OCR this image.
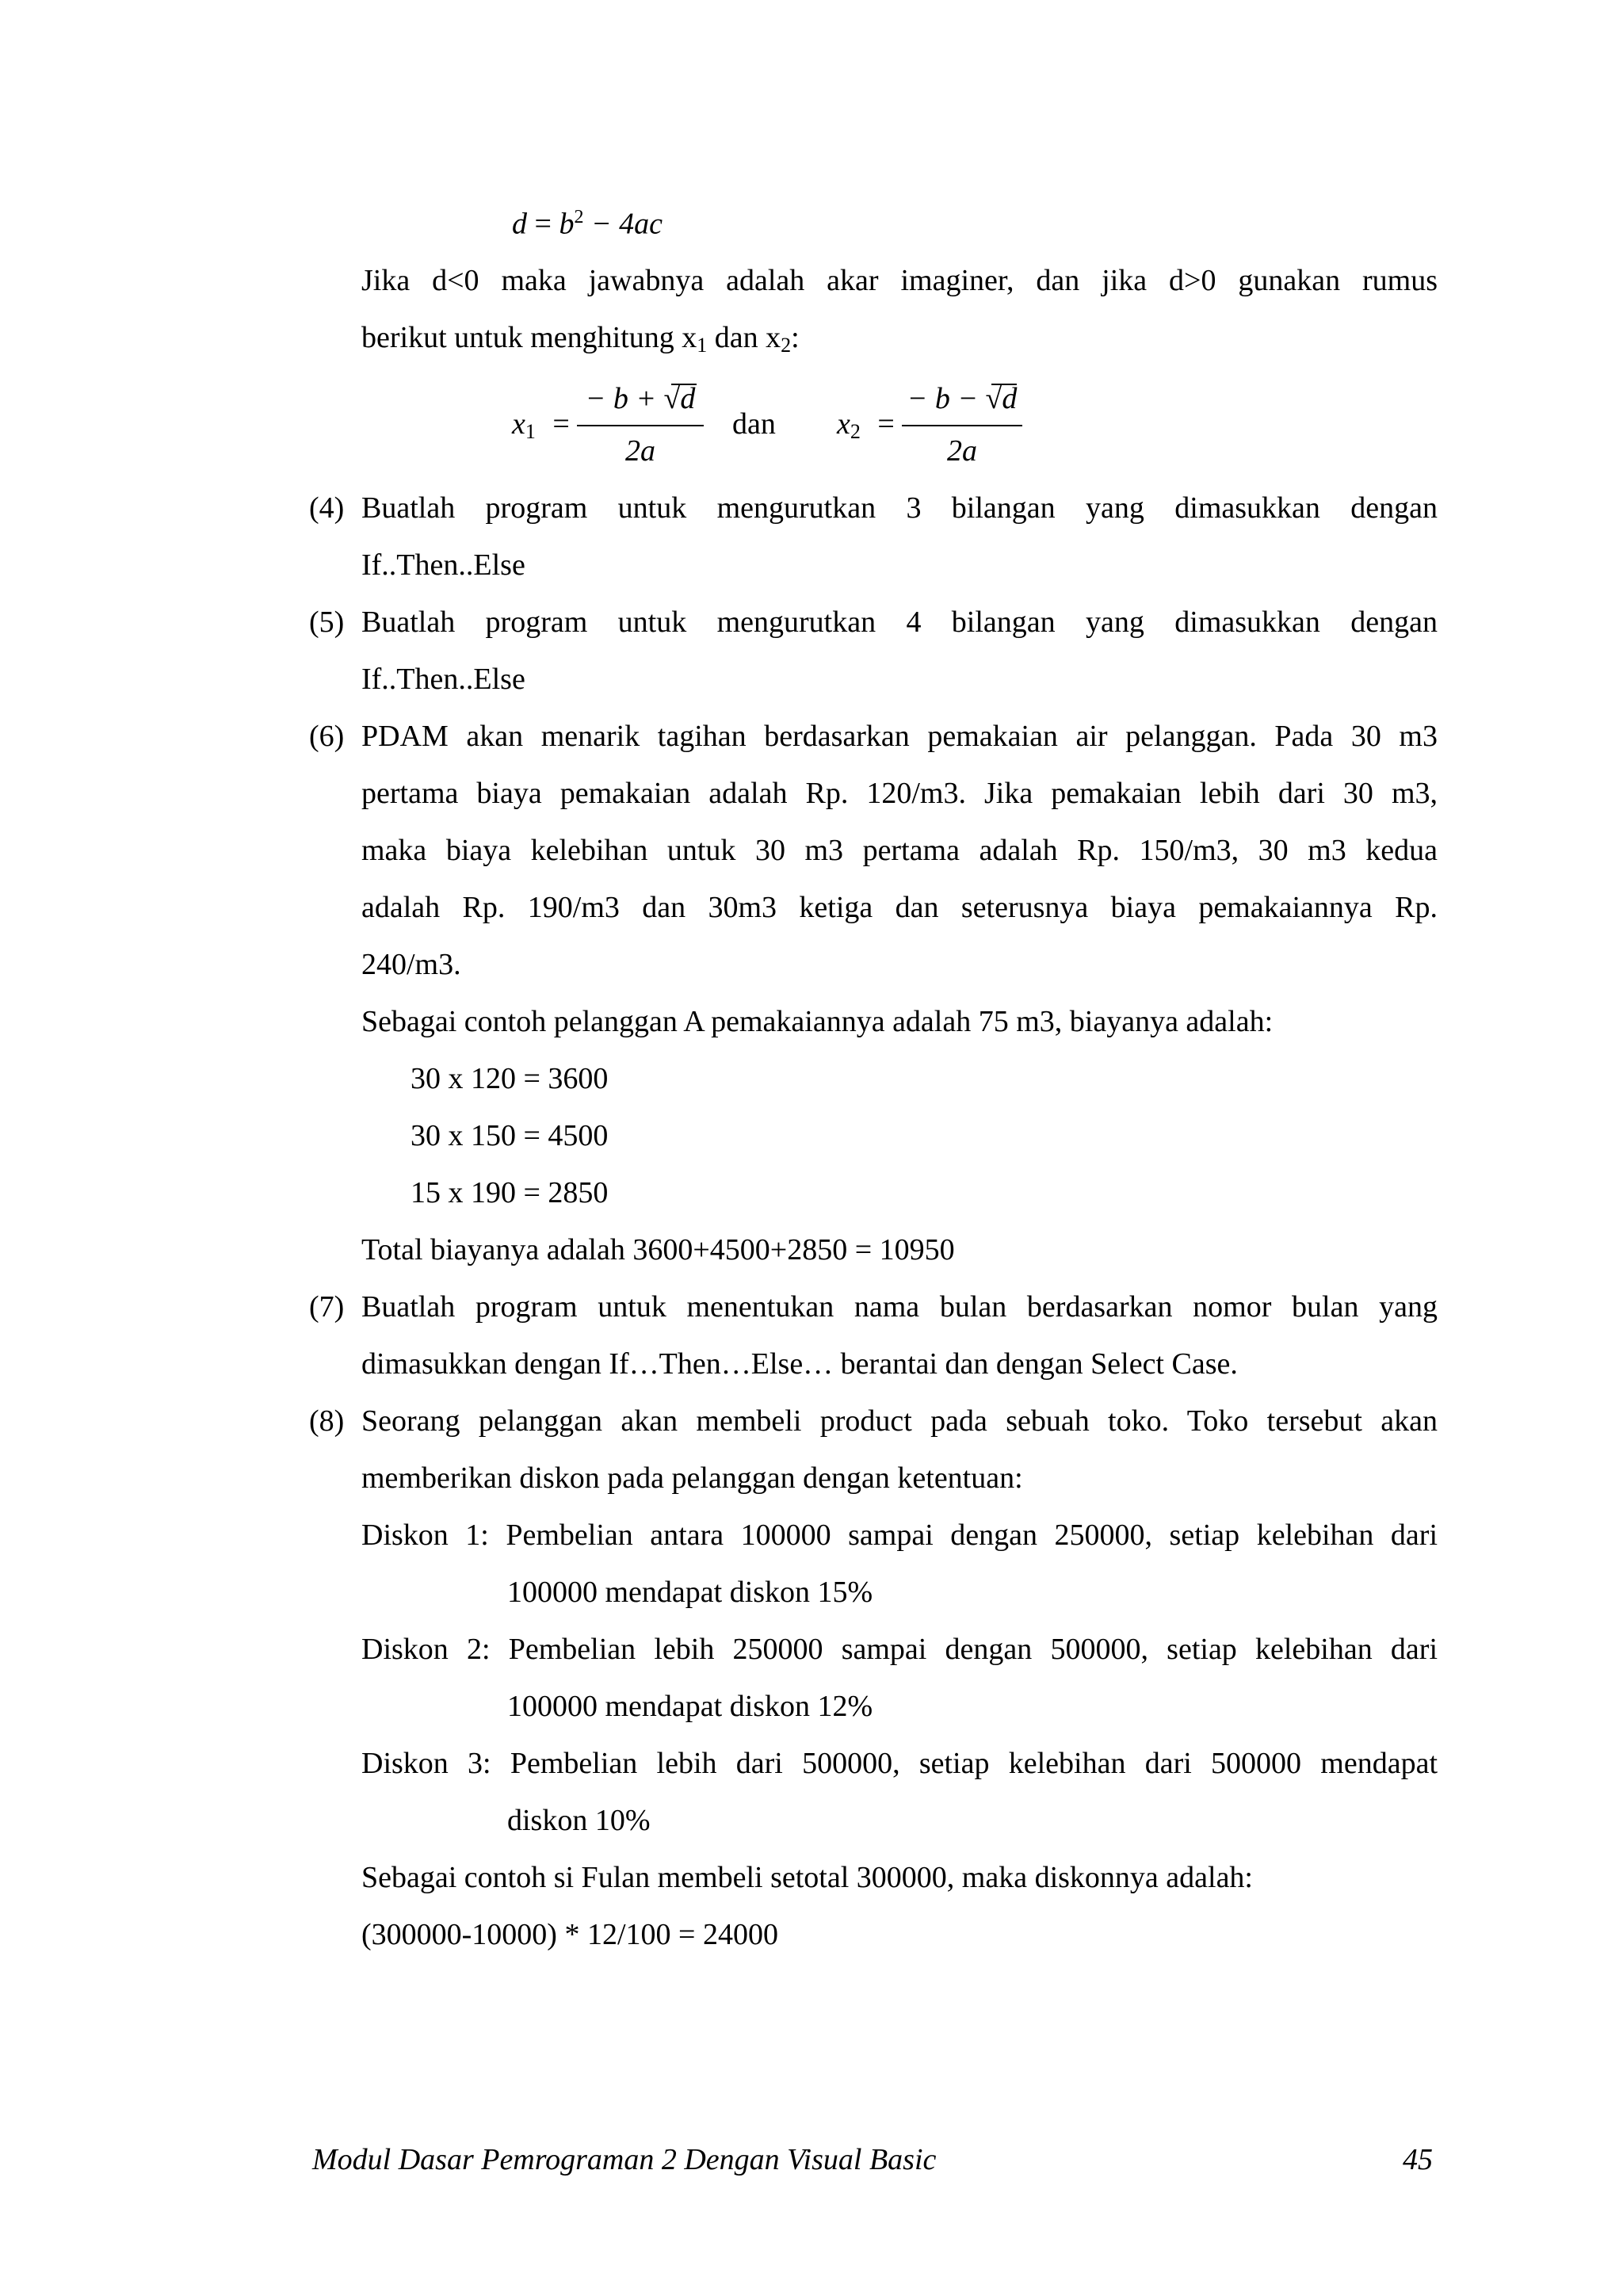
$d = b^2 - 4ac$
Jika d<0 maka jawabnya adalah akar imaginer, dan jika d>0 gunakan rumus
berikut untuk menghitung $x_1$ dan $x_2$:
$x_1$ =
− b + √d
2a
dan $x_2$ =
− b − √d
2a
(4) Buatlah program untuk mengurutkan 3 bilangan yang dimasukkan dengan
If..Then..Else
(5) Buatlah program untuk mengurutkan 4 bilangan yang dimasukkan dengan
If..Then..Else
(6) PDAM akan menarik tagihan berdasarkan pemakaian air pelanggan. Pada 30 m3
pertama biaya pemakaian adalah Rp. 120/m3. Jika pemakaian lebih dari 30 m3,
maka biaya kelebihan untuk 30 m3 pertama adalah Rp. 150/m3, 30 m3 kedua
adalah Rp. 190/m3 dan 30m3 ketiga dan seterusnya biaya pemakaiannya Rp.
240/m3.
Sebagai contoh pelanggan A pemakaiannya adalah 75 m3, biayanya adalah:
30 x 120 = 3600
30 x 150 = 4500
15 x 190 = 2850
Total biayanya adalah 3600+4500+2850 = 10950
(7) Buatlah program untuk menentukan nama bulan berdasarkan nomor bulan yang
dimasukkan dengan If…Then…Else… berantai dan dengan Select Case.
(8) Seorang pelanggan akan membeli product pada sebuah toko. Toko tersebut akan
memberikan diskon pada pelanggan dengan ketentuan:
Diskon 1: Pembelian antara 100000 sampai dengan 250000, setiap kelebihan dari
100000 mendapat diskon 15%
Diskon 2: Pembelian lebih 250000 sampai dengan 500000, setiap kelebihan dari
100000 mendapat diskon 12%
Diskon 3: Pembelian lebih dari 500000, setiap kelebihan dari 500000 mendapat
diskon 10%
Sebagai contoh si Fulan membeli setotal 300000, maka diskonnya adalah:
(300000-10000) * 12/100 = 24000
Modul Dasar Pemrograman 2 Dengan Visual Basic	45
